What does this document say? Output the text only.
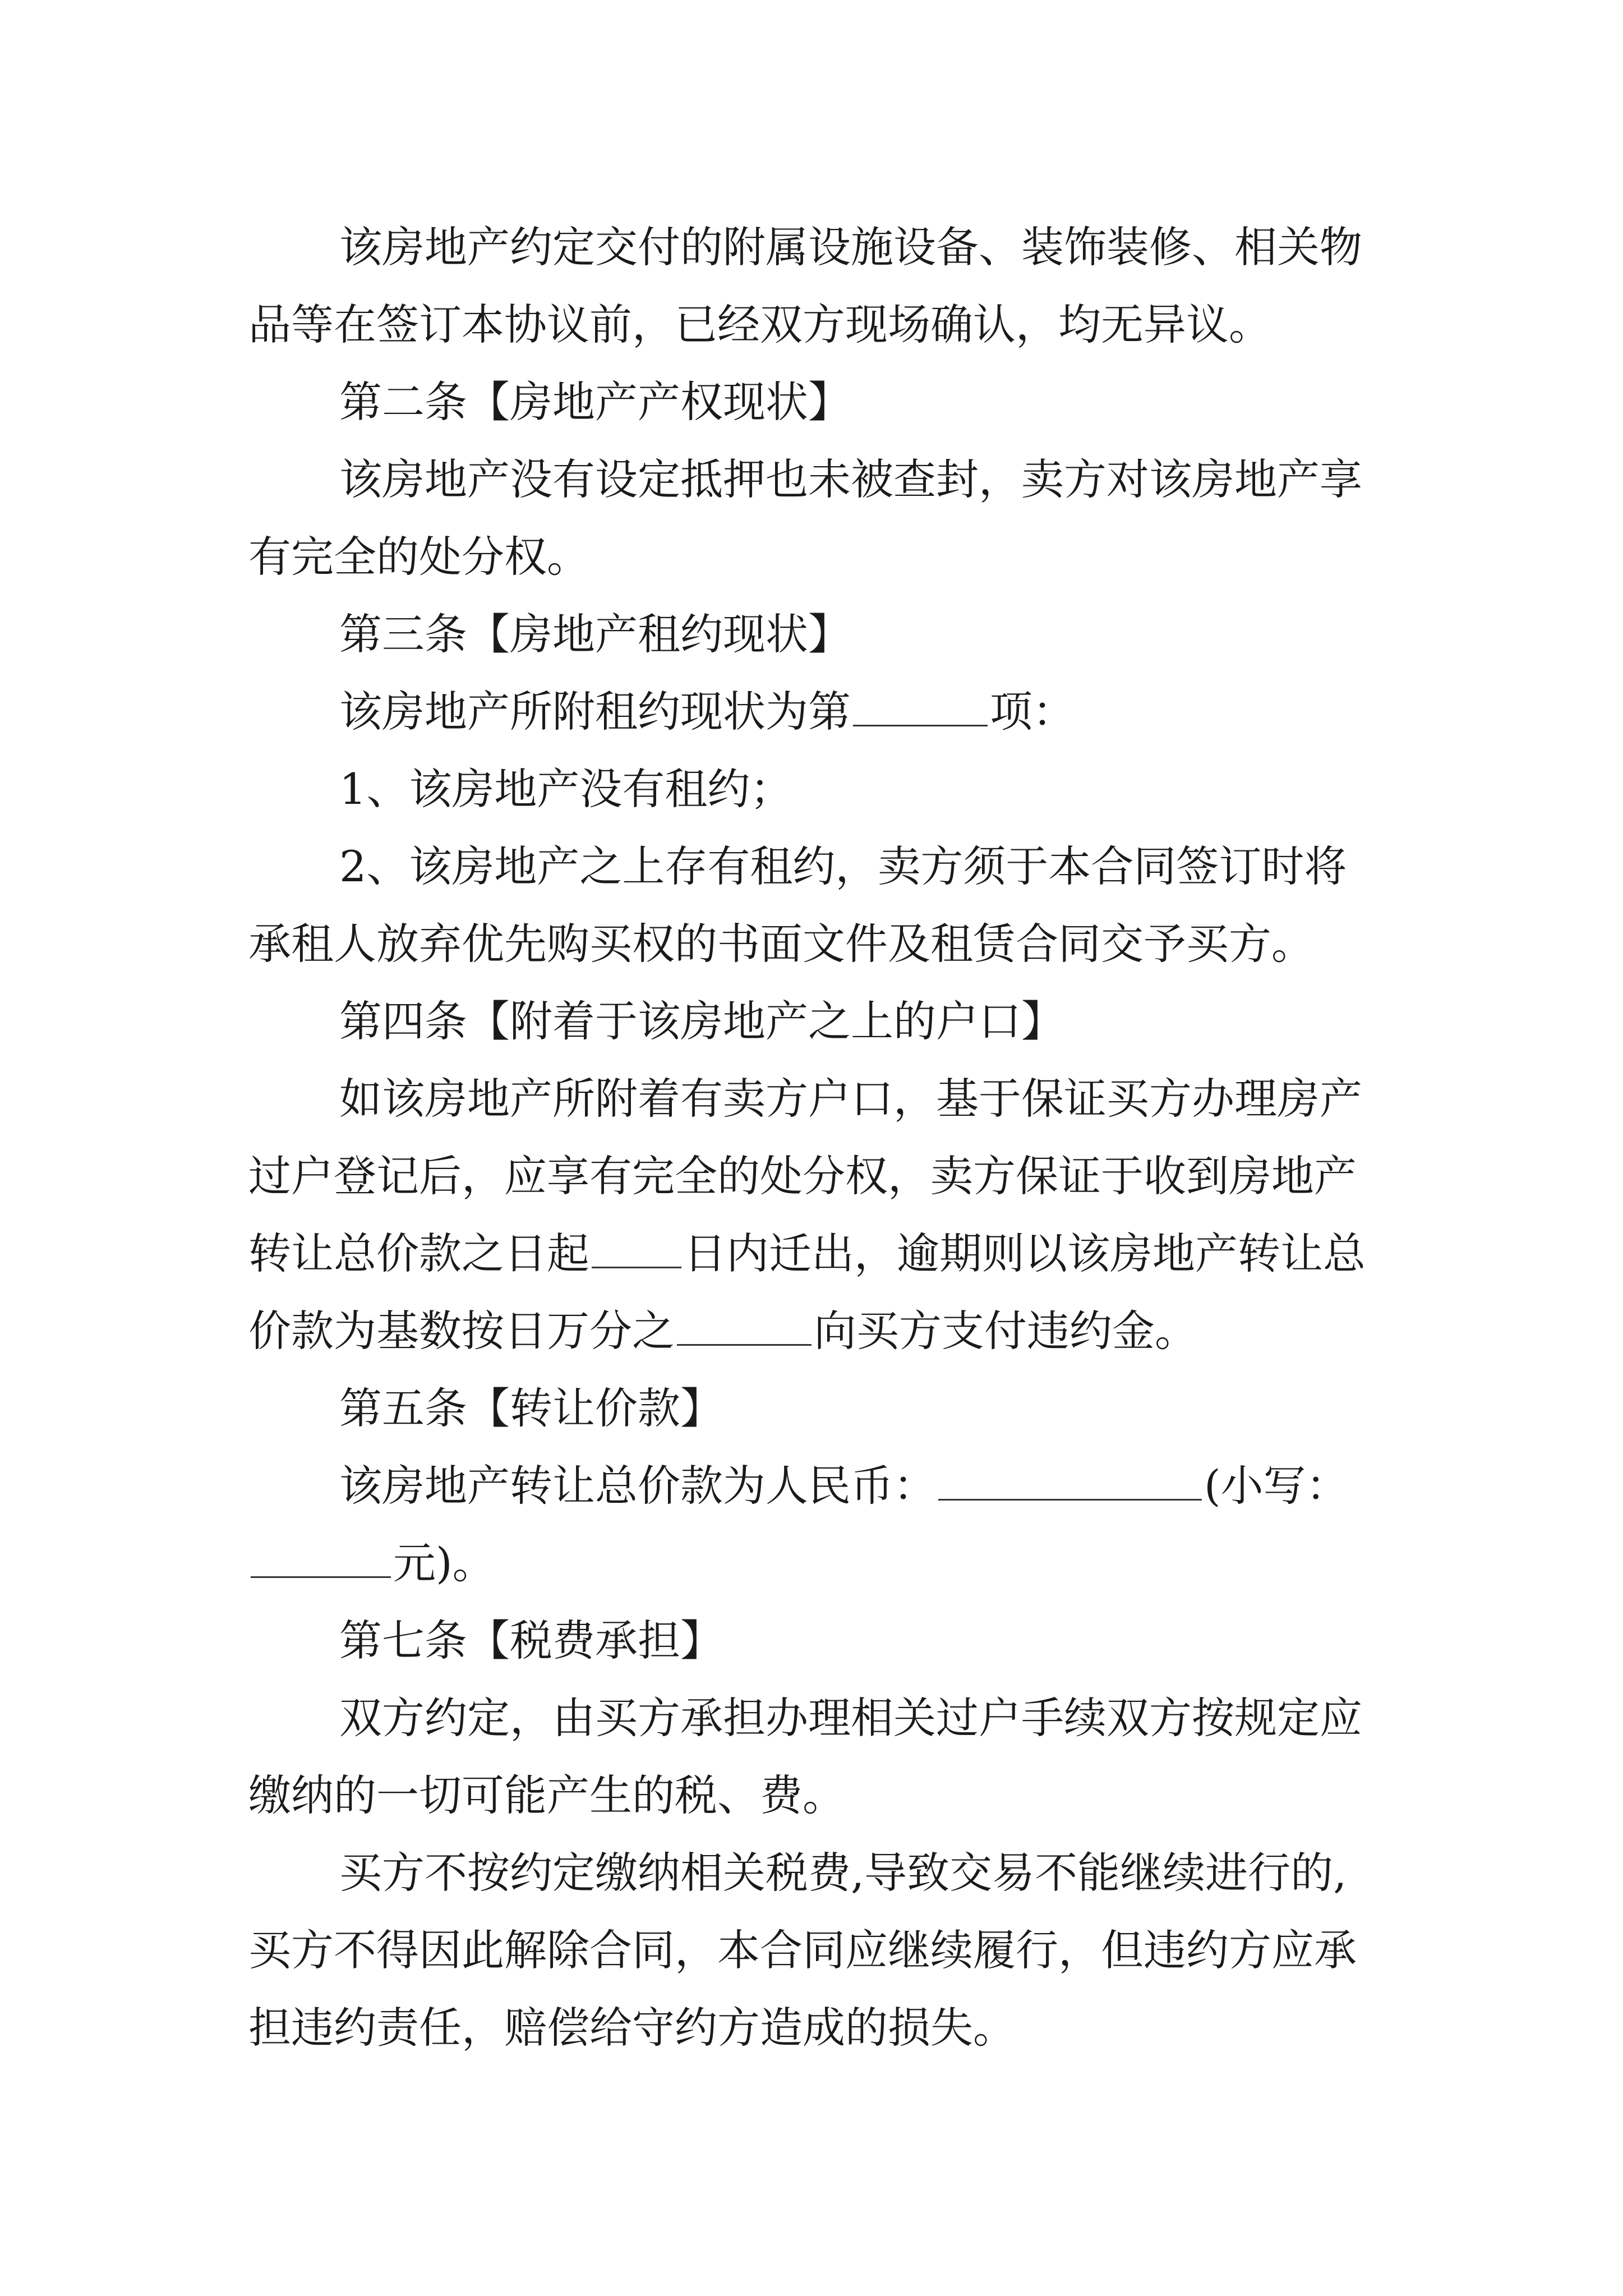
该房地产约定交付的附属设施设备、装饰装修、相关物
品等在签订本协议前，已经双方现场确认，均无异议。
第二条【房地产产权现状】
该房地产没有设定抵押也未被查封，卖方对该房地产享
有完全的处分权。
第三条【房地产租约现状】
该房地产所附租约现状为第	项：
1、该房地产没有租约；
2、该房地产之上存有租约，卖方须于本合同签订时将
承租人放弃优先购买权的书面文件及租赁合同交予买方。
第四条【附着于该房地产之上的户口】
如该房地产所附着有卖方户口，基于保证买方办理房产
过户登记后，应享有完全的处分权，卖方保证于收到房地产
转让总价款之日起 日内迁出，逾期则以该房地产转让总
价款为基数按日万分之	向买方支付违约金。
第五条【转让价款】
该房地产转让总价款为人民币：	(小写：
元)。
第七条【税费承担】
双方约定，由买方承担办理相关过户手续双方按规定应
缴纳的一切可能产生的税、费。
买方不按约定缴纳相关税费,导致交易不能继续进行的,
买方不得因此解除合同，本合同应继续履行，但违约方应承
担违约责任，赔偿给守约方造成的损失。
